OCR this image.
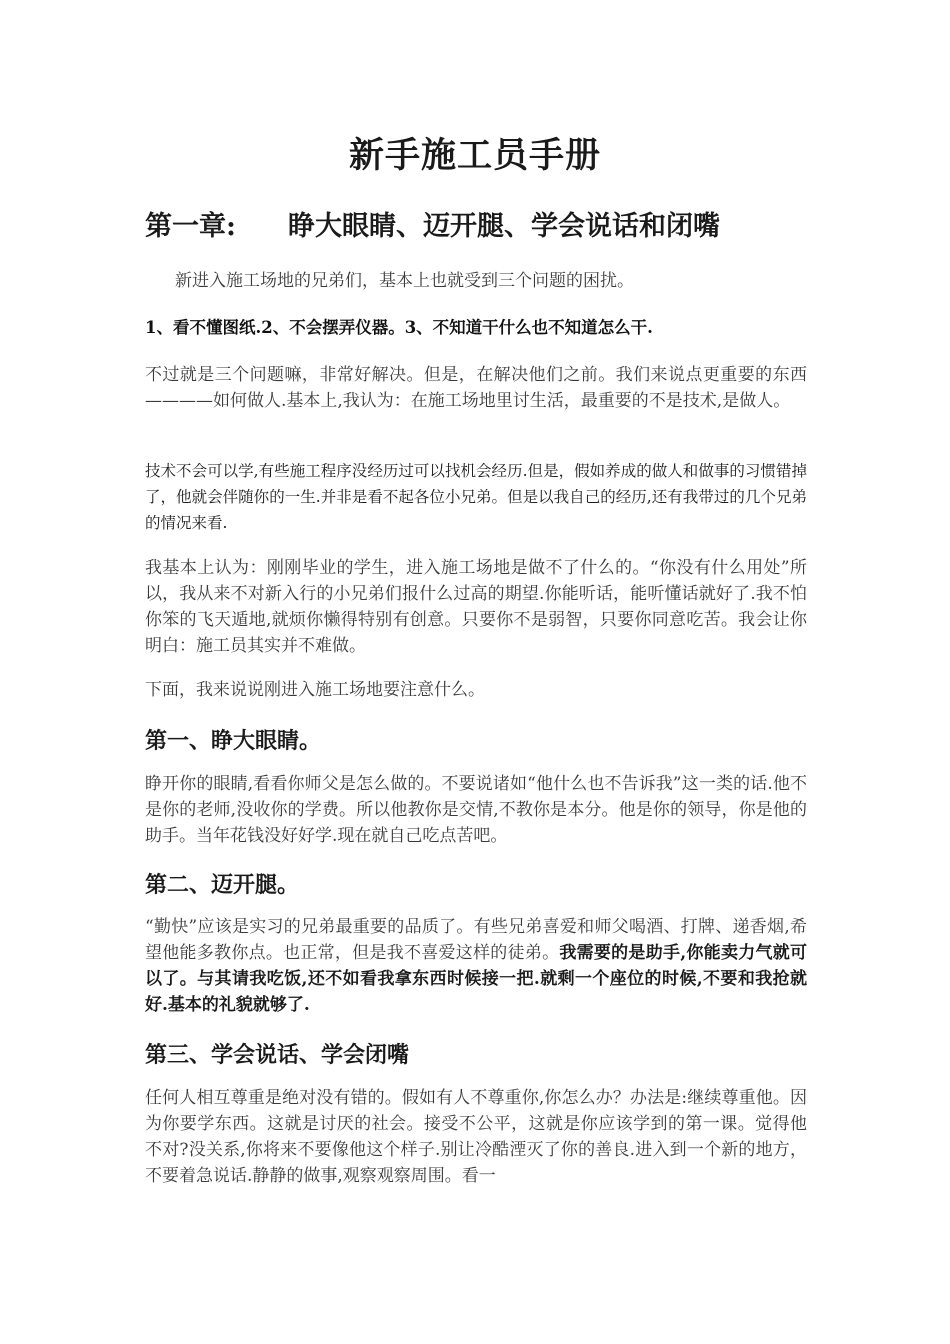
新手施工员手册
第一章: 睁大眼睛、迈开腿、学会说话和闭嘴

新进入施工场地的兄弟们，基本上也就受到三个问题的困扰。

1、看不懂图纸.2、不会摆弄仪器。3、不知道干什么也不知道怎么干.

不过就是三个问题嘛，非常好解决。但是，在解决他们之前。我们来说点更重要的东西————如何做人.基本上,我认为：在施工场地里讨生活，最重要的不是技术,是做人。

技术不会可以学,有些施工程序没经历过可以找机会经历.但是，假如养成的做人和做事的习惯错掉了，他就会伴随你的一生.并非是看不起各位小兄弟。但是以我自己的经历,还有我带过的几个兄弟的情况来看.

我基本上认为：刚刚毕业的学生，进入施工场地是做不了什么的。“你没有什么用处”所以，我从来不对新入行的小兄弟们报什么过高的期望.你能听话，能听懂话就好了.我不怕你笨的飞天遁地,就烦你懒得特别有创意。只要你不是弱智，只要你同意吃苦。我会让你明白：施工员其实并不难做。

下面，我来说说刚进入施工场地要注意什么。

第一、睁大眼睛。

睁开你的眼睛,看看你师父是怎么做的。不要说诸如“他什么也不告诉我”这一类的话.他不是你的老师,没收你的学费。所以他教你是交情,不教你是本分。他是你的领导，你是他的助手。当年花钱没好好学.现在就自己吃点苦吧。

第二、迈开腿。

“勤快”应该是实习的兄弟最重要的品质了。有些兄弟喜爱和师父喝酒、打牌、递香烟,希望他能多教你点。也正常，但是我不喜爱这样的徒弟。我需要的是助手,你能卖力气就可以了。与其请我吃饭,还不如看我拿东西时候接一把.就剩一个座位的时候,不要和我抢就好.基本的礼貌就够了.

第三、学会说话、学会闭嘴

任何人相互尊重是绝对没有错的。假如有人不尊重你,你怎么办？办法是:继续尊重他。因为你要学东西。这就是讨厌的社会。接受不公平，这就是你应该学到的第一课。觉得他不对?没关系,你将来不要像他这个样子.别让冷酷湮灭了你的善良.进入到一个新的地方，不要着急说话.静静的做事,观察观察周围。看一
